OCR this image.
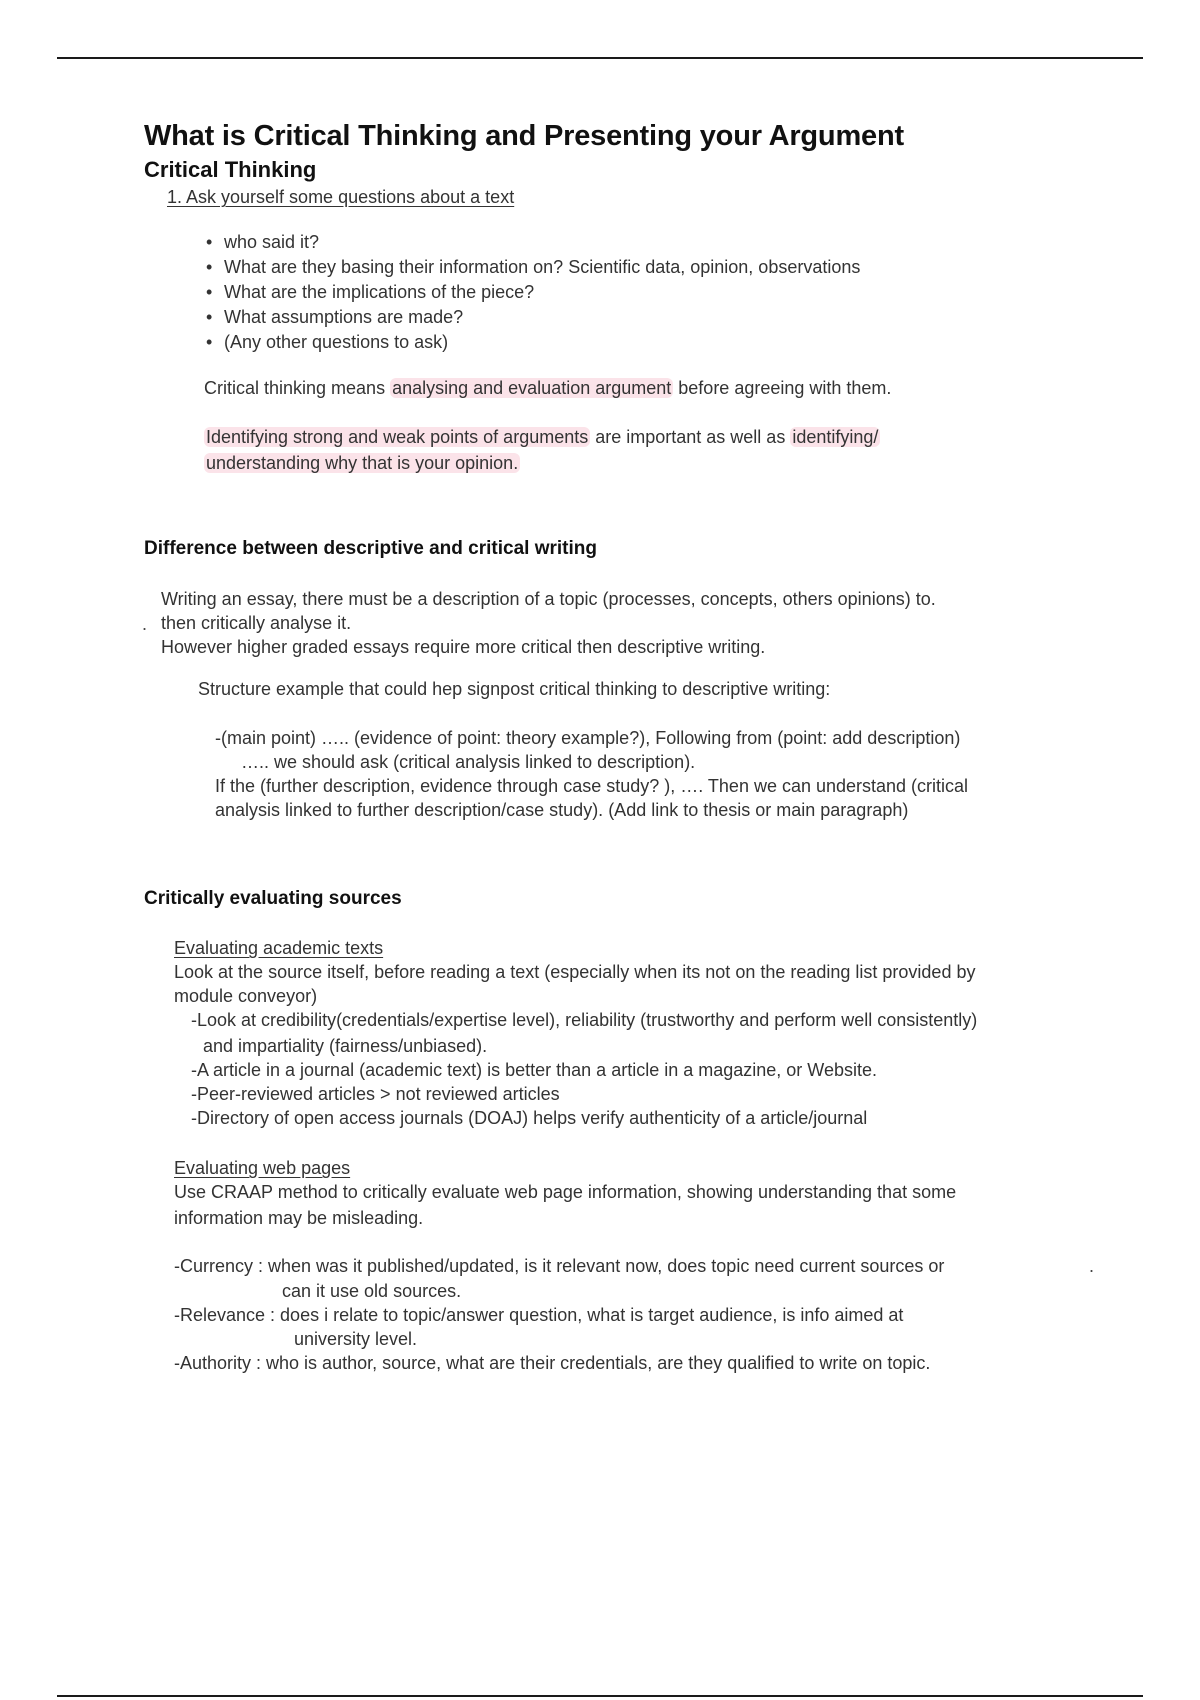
What is Critical Thinking and Presenting your Argument
Critical Thinking
1. Ask yourself some questions about a text
• who said it?
• What are they basing their information on? Scientific data, opinion, observations
• What are the implications of the piece?
• What assumptions are made?
• (Any other questions to ask)
Critical thinking means analysing and evaluation argument before agreeing with them.
Identifying strong and weak points of arguments are important as well as identifying/
understanding why that is your opinion.
Difference between descriptive and critical writing
.
Writing an essay, there must be a description of a topic (processes, concepts, others opinions) to.
then critically analyse it.
However higher graded essays require more critical then descriptive writing.
Structure example that could hep signpost critical thinking to descriptive writing:
-(main point) ….. (evidence of point: theory example?), Following from (point: add description)
….. we should ask (critical analysis linked to description).
If the (further description, evidence through case study? ), …. Then we can understand (critical
analysis linked to further description/case study). (Add link to thesis or main paragraph)
Critically evaluating sources
Evaluating academic texts
Look at the source itself, before reading a text (especially when its not on the reading list provided by
module conveyor)
-Look at credibility(credentials/expertise level), reliability (trustworthy and perform well consistently)
and impartiality (fairness/unbiased).
-A article in a journal (academic text) is better than a article in a magazine, or Website.
-Peer-reviewed articles > not reviewed articles
-Directory of open access journals (DOAJ) helps verify authenticity of a article/journal
Evaluating web pages
Use CRAAP method to critically evaluate web page information, showing understanding that some
information may be misleading.
-Currency : when was it published/updated, is it relevant now, does topic need current sources or	.
can it use old sources.
-Relevance : does i relate to topic/answer question, what is target audience, is info aimed at
university level.
-Authority : who is author, source, what are their credentials, are they qualified to write on topic.
